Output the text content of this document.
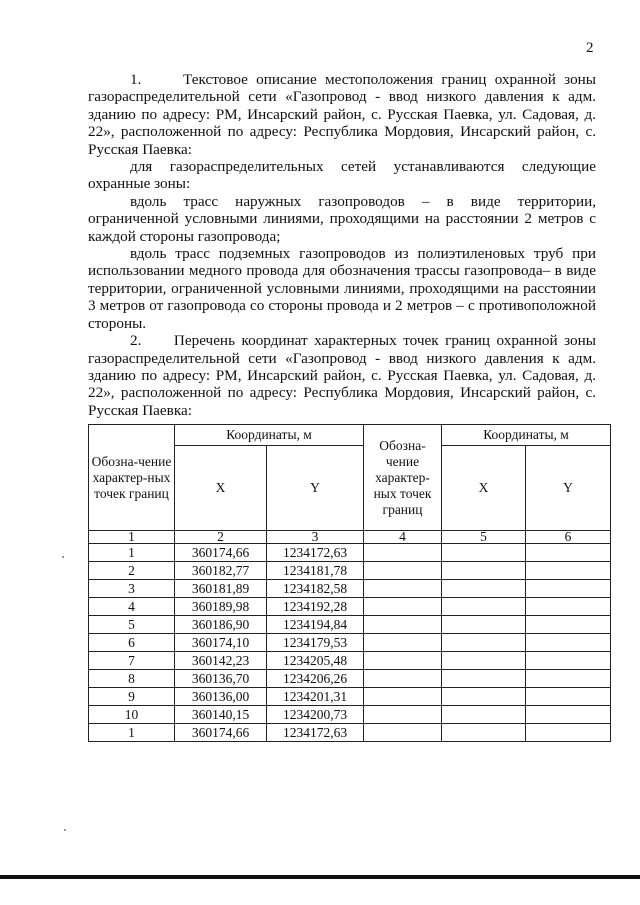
2

1.     Текстовое описание местоположения границ охранной зоны газораспределительной сети «Газопровод - ввод низкого давления к адм. зданию по адресу: РМ, Инсарский район, с. Русская Паевка, ул. Садовая, д. 22», расположенной по адресу: Республика Мордовия, Инсарский район, с. Русская Паевка:

для газораспределительных сетей устанавливаются следующие охранные зоны:

вдоль трасс наружных газопроводов – в виде территории, ограниченной условными линиями, проходящими на расстоянии 2 метров с каждой стороны газопровода;

вдоль трасс подземных газопроводов из полиэтиленовых труб при использовании медного провода для обозначения трассы газопровода– в виде территории, ограниченной условными линиями, проходящими на расстоянии 3 метров от газопровода со стороны провода и 2 метров – с противоположной стороны.

2.     Перечень координат характерных точек границ охранной зоны газораспределительной сети «Газопровод - ввод низкого давления к адм. зданию по адресу: РМ, Инсарский район, с. Русская Паевка, ул. Садовая, д. 22», расположенной по адресу: Республика Мордовия, Инсарский район, с. Русская Паевка:

Обозна-чение характер-ных точек границ	Координаты, м		Обозна-чение характер-ных точек границ	Координаты, м	
	X	Y		X	Y
1	2	3	4	5	6
1	360174,66	1234172,63			
2	360182,77	1234181,78			
3	360181,89	1234182,58			
4	360189,98	1234192,28			
5	360186,90	1234194,84			
6	360174,10	1234179,53			
7	360142,23	1234205,48			
8	360136,70	1234206,26			
9	360136,00	1234201,31			
10	360140,15	1234200,73			
1	360174,66	1234172,63			
